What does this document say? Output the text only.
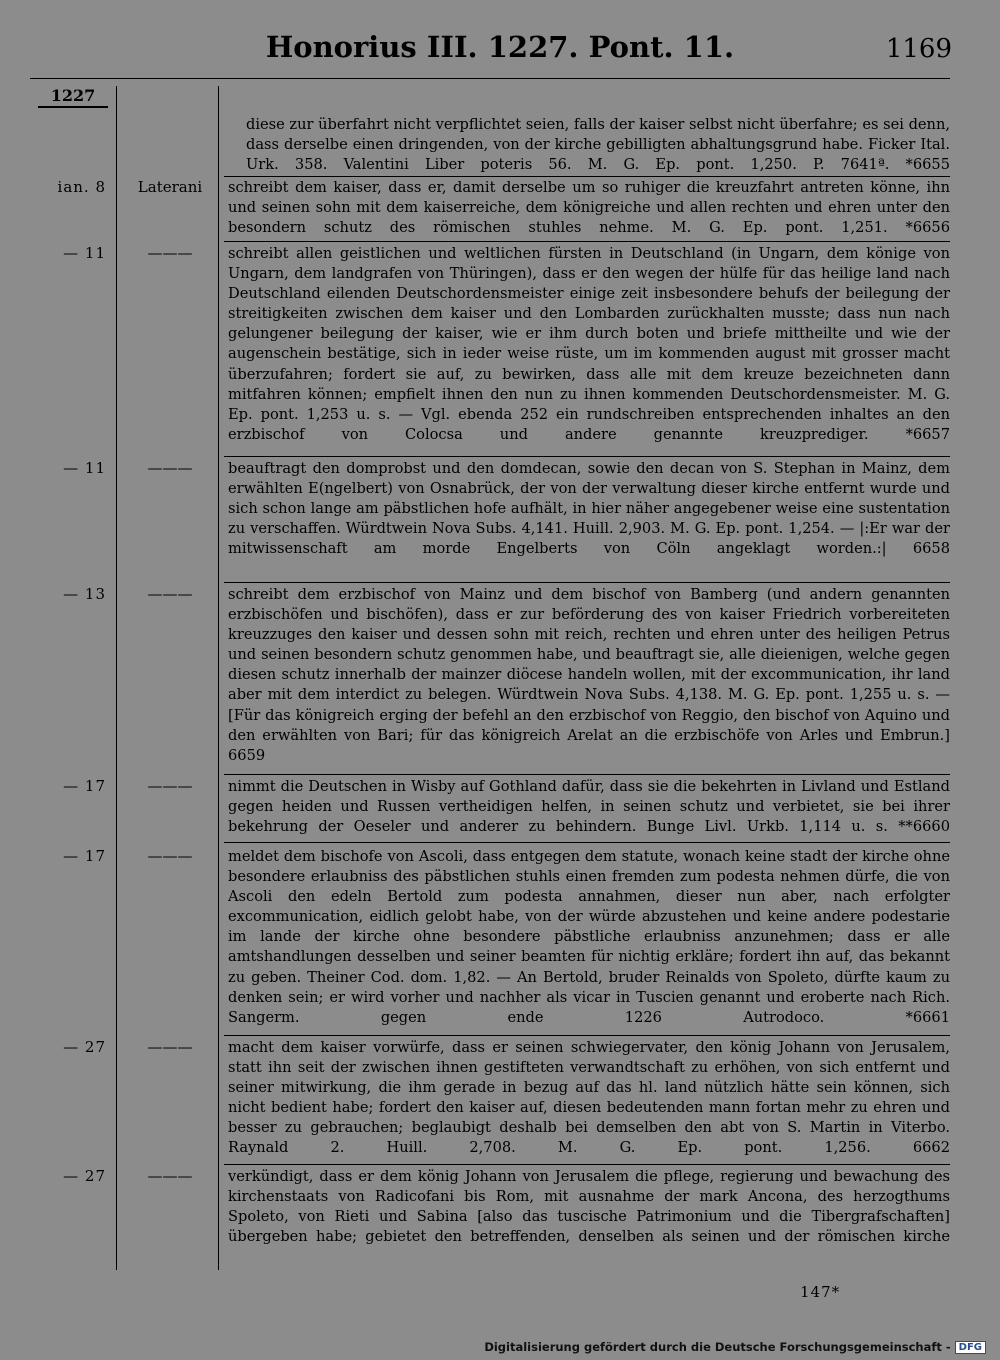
Honorius III. 1227. Pont. 11.	1169
1227

diese zur überfahrt nicht verpflichtet seien, falls der kaiser selbst nicht überfahre; es sei denn, dass derselbe einen dringenden, von der kirche gebilligten abhaltungsgrund habe. Ficker Ital. Urk. 358. Valentini Liber poteris 56. M. G. Ep. pont. 1,250. P. 7641ª. *6655

ian. 8	Laterani	schreibt dem kaiser, dass er, damit derselbe um so ruhiger die kreuzfahrt antreten könne, ihn und seinen sohn mit dem kaiserreiche, dem königreiche und allen rechten und ehren unter den besondern schutz des römischen stuhles nehme. M. G. Ep. pont. 1,251. *6656

— 11	———	schreibt allen geistlichen und weltlichen fürsten in Deutschland (in Ungarn, dem könige von Ungarn, dem landgrafen von Thüringen), dass er den wegen der hülfe für das heilige land nach Deutschland eilenden Deutschordensmeister einige zeit insbesondere behufs der beilegung der streitigkeiten zwischen dem kaiser und den Lombarden zurückhalten musste; dass nun nach gelungener beilegung der kaiser, wie er ihm durch boten und briefe mittheilte und wie der augenschein bestätige, sich in ieder weise rüste, um im kommenden august mit grosser macht überzufahren; fordert sie auf, zu bewirken, dass alle mit dem kreuze bezeichneten dann mitfahren können; empfielt ihnen den nun zu ihnen kommenden Deutschordensmeister. M. G. Ep. pont. 1,253 u. s. — Vgl. ebenda 252 ein rundschreiben entsprechenden inhaltes an den erzbischof von Colocsa und andere genannte kreuzprediger. *6657

— 11	———	beauftragt den domprobst und den domdecan, sowie den decan von S. Stephan in Mainz, dem erwählten E(ngelbert) von Osnabrück, der von der verwaltung dieser kirche entfernt wurde und sich schon lange am päbstlichen hofe aufhält, in hier näher angegebener weise eine sustentation zu verschaffen. Würdtwein Nova Subs. 4,141. Huill. 2,903. M. G. Ep. pont. 1,254. — |:Er war der mitwissenschaft am morde Engelberts von Cöln angeklagt worden.:| 6658

— 13	———	schreibt dem erzbischof von Mainz und dem bischof von Bamberg (und andern genannten erzbischöfen und bischöfen), dass er zur beförderung des von kaiser Friedrich vorbereiteten kreuzzuges den kaiser und dessen sohn mit reich, rechten und ehren unter des heiligen Petrus und seinen besondern schutz genommen habe, und beauftragt sie, alle dieienigen, welche gegen diesen schutz innerhalb der mainzer diöcese handeln wollen, mit der excommunication, ihr land aber mit dem interdict zu belegen. Würdtwein Nova Subs. 4,138. M. G. Ep. pont. 1,255 u. s. — [Für das königreich erging der befehl an den erzbischof von Reggio, den bischof von Aquino und den erwählten von Bari; für das königreich Arelat an die erzbischöfe von Arles und Embrun.] 6659

— 17	———	nimmt die Deutschen in Wisby auf Gothland dafür, dass sie die bekehrten in Livland und Estland gegen heiden und Russen vertheidigen helfen, in seinen schutz und verbietet, sie bei ihrer bekehrung der Oeseler und anderer zu behindern. Bunge Livl. Urkb. 1,114 u. s. **6660

— 17	———	meldet dem bischofe von Ascoli, dass entgegen dem statute, wonach keine stadt der kirche ohne besondere erlaubniss des päbstlichen stuhls einen fremden zum podesta nehmen dürfe, die von Ascoli den edeln Bertold zum podesta annahmen, dieser nun aber, nach erfolgter excommunication, eidlich gelobt habe, von der würde abzustehen und keine andere podestarie im lande der kirche ohne besondere päbstliche erlaubniss anzunehmen; dass er alle amtshandlungen desselben und seiner beamten für nichtig erkläre; fordert ihn auf, das bekannt zu geben. Theiner Cod. dom. 1,82. — An Bertold, bruder Reinalds von Spoleto, dürfte kaum zu denken sein; er wird vorher und nachher als vicar in Tuscien genannt und eroberte nach Rich. Sangerm. gegen ende 1226 Autrodoco. *6661

— 27	———	macht dem kaiser vorwürfe, dass er seinen schwiegervater, den könig Johann von Jerusalem, statt ihn seit der zwischen ihnen gestifteten verwandtschaft zu erhöhen, von sich entfernt und seiner mitwirkung, die ihm gerade in bezug auf das hl. land nützlich hätte sein können, sich nicht bedient habe; fordert den kaiser auf, diesen bedeutenden mann fortan mehr zu ehren und besser zu gebrauchen; beglaubigt deshalb bei demselben den abt von S. Martin in Viterbo. Raynald 2. Huill. 2,708. M. G. Ep. pont. 1,256. 6662

— 27	———	verkündigt, dass er dem könig Johann von Jerusalem die pflege, regierung und bewachung des kirchenstaats von Radicofani bis Rom, mit ausnahme der mark Ancona, des herzogthums Spoleto, von Rieti und Sabina [also das tuscische Patrimonium und die Tibergrafschaften] übergeben habe; gebietet den betreffenden, denselben als seinen und der römischen kirche

147*
Digitalisierung gefördert durch die Deutsche Forschungsgemeinschaft - DFG
